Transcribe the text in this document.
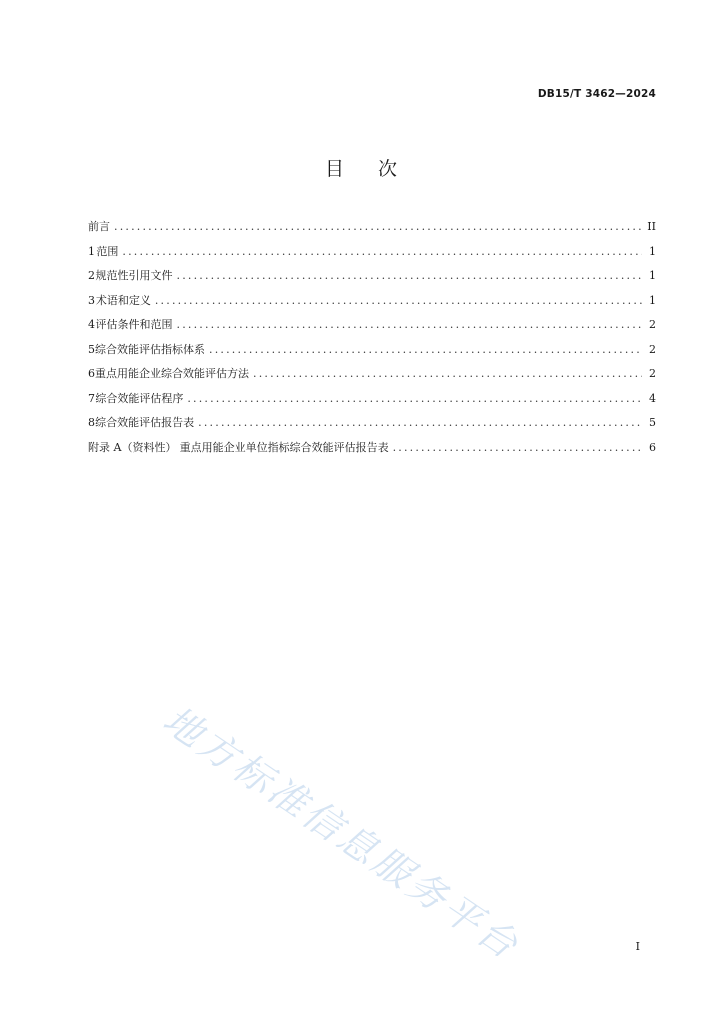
DB15/T 3462—2024
目 次
前言 .....	II
1 范围 .....	1
2 规范性引用文件 .....	1
3 术语和定义 .....	1
4 评估条件和范围 .....	2
5 综合效能评估指标体系 .....	2
6 重点用能企业综合效能评估方法 .....	2
7 综合效能评估程序 .....	4
8 综合效能评估报告表 .....	5
附录 A（资料性） 重点用能企业单位指标综合效能评估报告表 .....	6
地方标准信息服务平台	I
